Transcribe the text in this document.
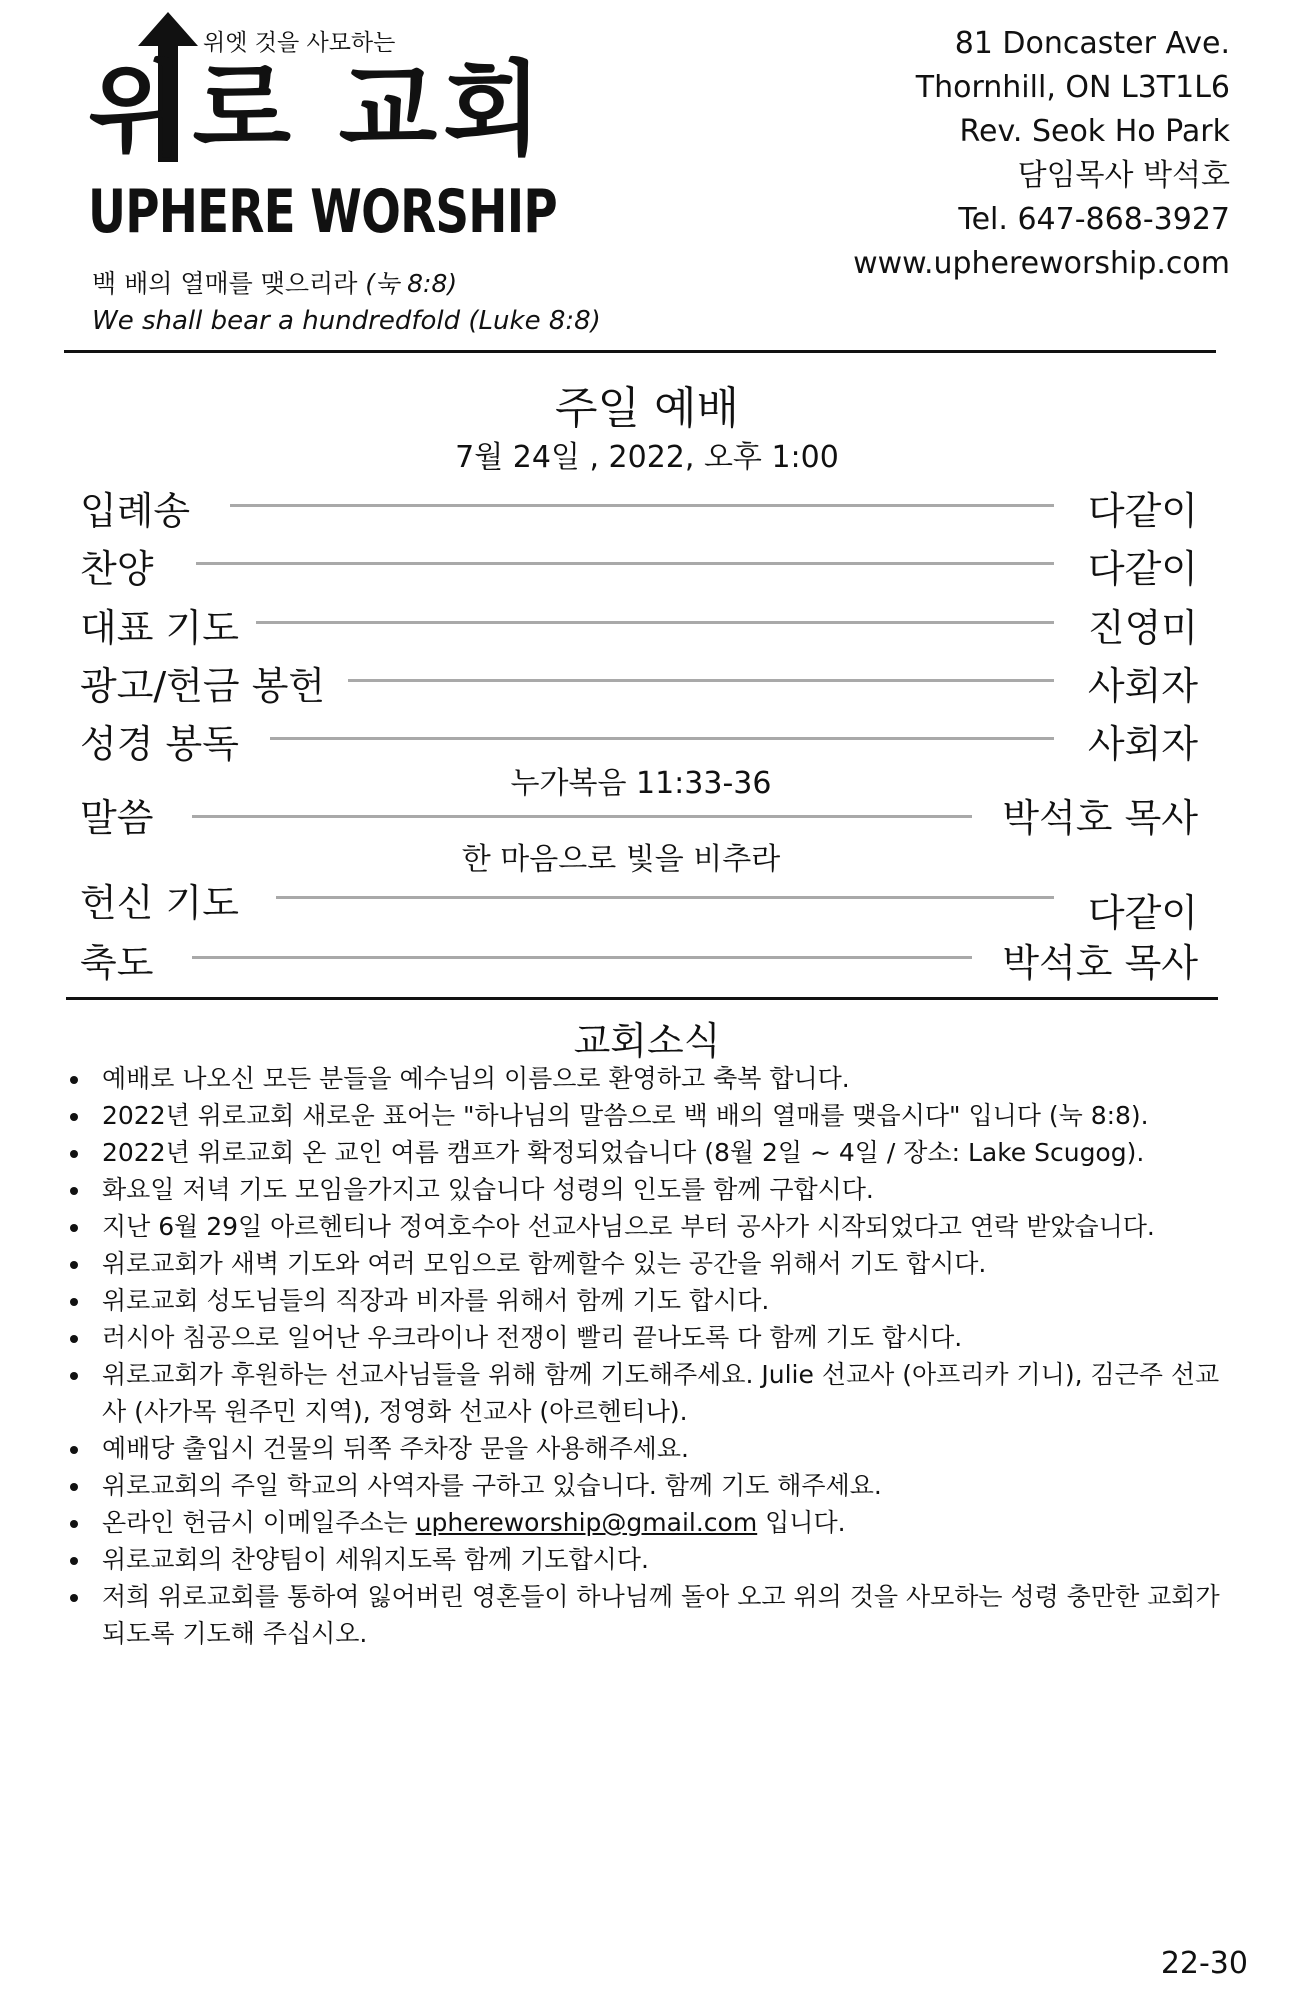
위엣 것을 사모하는
위로 교회
UPHERE WORSHIP
백 배의 열매를 맺으리라 (눅 8:8)
We shall bear a hundredfold (Luke 8:8)
81 Doncaster Ave.
Thornhill, ON L3T1L6
Rev. Seok Ho Park
담임목사 박석호
Tel. 647-868-3927
www.uphereworship.com
주일 예배
7월 24일 , 2022, 오후 1:00
입례송	다같이
찬양	다같이
대표 기도	진영미
광고/헌금 봉헌	사회자
성경 봉독	사회자
누가복음 11:33-36
말씀	박석호 목사
한 마음으로 빛을 비추라
헌신 기도	다같이
축도	박석호 목사
교회소식
예배로 나오신 모든 분들을 예수님의 이름으로 환영하고 축복 합니다.
2022년 위로교회 새로운 표어는 "하나님의 말씀으로 백 배의 열매를 맺읍시다" 입니다 (눅 8:8).
2022년 위로교회 온 교인 여름 캠프가 확정되었습니다 (8월 2일 ~ 4일 / 장소: Lake Scugog).
화요일 저녁 기도 모임을가지고 있습니다 성령의 인도를 함께 구합시다.
지난 6월 29일 아르헨티나 정여호수아 선교사님으로 부터 공사가 시작되었다고 연락 받았습니다.
위로교회가 새벽 기도와 여러 모임으로 함께할수 있는 공간을 위해서 기도 합시다.
위로교회 성도님들의 직장과 비자를 위해서 함께 기도 합시다.
러시아 침공으로 일어난 우크라이나 전쟁이 빨리 끝나도록 다 함께 기도 합시다.
위로교회가 후원하는 선교사님들을 위해 함께 기도해주세요. Julie 선교사 (아프리카 기니), 김근주 선교사 (사가목 원주민 지역), 정영화 선교사 (아르헨티나).
예배당 출입시 건물의 뒤쪽 주차장 문을 사용해주세요.
위로교회의 주일 학교의 사역자를 구하고 있습니다. 함께 기도 해주세요.
온라인 헌금시 이메일주소는 uphereworship@gmail.com 입니다.
위로교회의 찬양팀이 세워지도록 함께 기도합시다.
저희 위로교회를 통하여 잃어버린 영혼들이 하나님께 돌아 오고 위의 것을 사모하는 성령 충만한 교회가되도록 기도해 주십시오.
22-30
